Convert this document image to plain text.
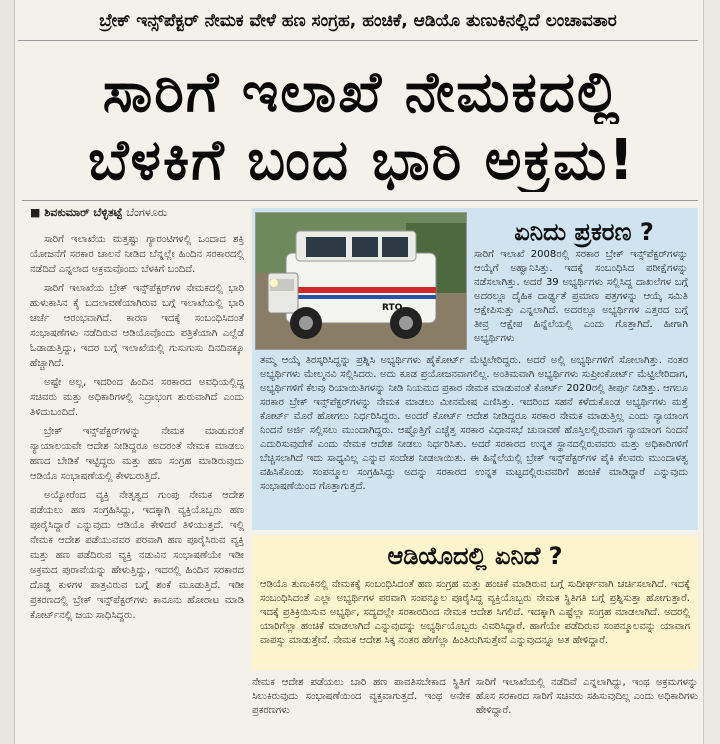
ಬ್ರೇಕ್ ಇನ್ಸ್‌ಪೆಕ್ಟರ್ ನೇಮಕ ವೇಳೆ ಹಣ ಸಂಗ್ರಹ, ಹಂಚಿಕೆ, ಆಡಿಯೊ ತುಣುಕಿನಲ್ಲಿದೆ ಲಂಚಾವತಾರ
ಸಾರಿಗೆ ಇಲಾಖೆ ನೇಮಕದಲ್ಲಿ
ಬೆಳಕಿಗೆ ಬಂದ ಭಾರಿ ಅಕ್ರಮ!
■ ಶಿವಕುಮಾರ್ ಬೆಳ್ಳಿತಟ್ಟೆ ಬೆಂಗಳೂರು

ಸಾರಿಗೆ ಇಲಾಖೆಯ ಮತ್ತಷ್ಟು ಗ್ಯಾರಂಟಿಗಳಲ್ಲಿ ಒಂದಾದ ಶಕ್ತಿ ಯೋಜನೆಗೆ ಸರಕಾರ ಚಾಲನೆ ನೀಡಿದ ಬೆನ್ನಲ್ಲೇ ಹಿಂದಿನ ಸರಕಾರದಲ್ಲಿ ನಡೆದಿದೆ ಎನ್ನಲಾದ ಅಕ್ರಮವೊಂದು ಬೆಳಕಿಗೆ ಬಂದಿದೆ.

ಸಾರಿಗೆ ಇಲಾಖೆಯ ಬ್ರೇಕ್ ಇನ್ಸ್‌ಪೆಕ್ಟರ್‌ಗಳ ನೇಮಕದಲ್ಲಿ ಭಾರಿ ಹುಳುಕಾಸಿನ ಕೈ ಬದಲಾವಣೆಯಾಗಿರುವ ಬಗ್ಗೆ ಇಲಾಖೆಯಲ್ಲಿ ಭಾರಿ ಚರ್ಚೆ ಆರಂಭವಾಗಿದೆ. ಕಾರಣ ಇದಕ್ಕೆ ಸಂಬಂಧಿಸಿದಂತೆ ಸಂಭಾಷಣೆಗಳು ನಡೆದಿರುವ ಆಡಿಯೊವೊಂದು ಪತ್ರಿಕೆಯಾಗಿ ಎಲ್ಲೆಡೆ ಓಡಾಡುತ್ತಿದ್ದು, ಇದರ ಬಗ್ಗೆ ಇಲಾಖೆಯಲ್ಲಿ ಗುಸುಗುಸು ದಿನದಿನಕ್ಕೂ ಹೆಚ್ಚಾಗಿದೆ.

ಅಷ್ಟೇ ಅಲ್ಲ, ಇದರಿಂದ ಹಿಂದಿನ ಸರಕಾರದ ಅವಧಿಯಲ್ಲಿದ್ದ ಸಚಿವರು ಮತ್ತು ಅಧಿಕಾರಿಗಳಲ್ಲಿ ನಿದ್ರಾಭಂಗ ಶುರುವಾಗಿದೆ ಎಂದು ತಿಳಿದುಬಂದಿದೆ.

ಬ್ರೇಕ್ ಇನ್ಸ್‌ಪೆಕ್ಟರ್‌ಗಳನ್ನು ನೇಮಕ ಮಾಡುವಂತೆ ನ್ಯಾಯಾಲಯವೇ ಆದೇಶ ನೀಡಿದ್ದರೂ ಅದರಂತೆ ನೇಮಕ ಮಾಡಲು ಹಣದ ಬೇಡಿಕೆ ಇಟ್ಟಿದ್ದರು ಮತ್ತು ಹಣ ಸಂಗ್ರಹ ಮಾಡಿರುವುದು ಆಡಿಯೊ ಸಂಭಾಷಣೆಯಲ್ಲಿ ಕೇಳಬರುತ್ತಿದೆ.

ಅಯ್ಯೋರೆಂದ ವ್ಯಕ್ತಿ ನೇತೃತ್ವದ ಗುಂಪು ನೇಮಕ ಆದೇಶ ಪಡೆಯಲು ಹಣ ಸಂಗ್ರಹಿಸಿದ್ದು, ಇದಕ್ಕಾಗಿ ವ್ಯಕ್ತಿಯೊಬ್ಬರು ಹಣ ಪೂರೈಸಿದ್ದಾರೆ ಎನ್ನುವುದು ಆಡಿಯೊ ಕೇಳಿದರೆ ತಿಳಿಯುತ್ತದೆ. ಇಲ್ಲಿ ನೇಮಕ ಆದೇಶ ಪಡೆಯುವವರ ಪರವಾಗಿ ಹಣ ಪೂರೈಸಿರುವ ವ್ಯಕ್ತಿ ಮತ್ತು ಹಣ ಪಡೆದಿರುವ ವ್ಯಕ್ತಿ ನಡುವಿನ ಸಂಭಾಷಣೆಯೇ ಇಡೀ ಅಕ್ರಮದ ಪುರಾವೆಯನ್ನು ಹೇಳುತ್ತಿದ್ದು, ಇದರಲ್ಲಿ ಹಿಂದಿನ ಸರಕಾರದ ದೊಡ್ಡ ಕುಳಗಳ ಪಾತ್ರವಿರುವ ಬಗ್ಗೆ ಶಂಕೆ ಮೂಡುತ್ತಿದೆ. ಇಡೀ ಪ್ರಕರಣದಲ್ಲಿ ಬ್ರೇಕ್ ಇನ್ಸ್‌ಪೆಕ್ಟರ್‌ಗಳು ಕಾನೂನು ಹೋರಾಟ ಮಾಡಿ ಕೋರ್ಟ್‌ನಲ್ಲಿ ಜಯ ಸಾಧಿಸಿದ್ದರು.

ಏನಿದು ಪ್ರಕರಣ ?
ಸಾರಿಗೆ ಇಲಾಖೆ 2008ರಲ್ಲಿ ಸರಕಾರ ಬ್ರೇಕ್ ಇನ್ಸ್‌ಪೆಕ್ಟರ್‌ಗಳನ್ನು ಆಯ್ಕೆಗೆ ಅಹ್ವಾನಿಸಿತ್ತು. ಇದಕ್ಕೆ ಸಂಬಂಧಿಸಿದ ಪರೀಕ್ಷೆಗಳನ್ನು ನಡೆಸಲಾಗಿತ್ತು. ಅದರೆ 39 ಅಭ್ಯರ್ಥಿಗಳು ಸಲ್ಲಿಸಿದ್ದ ದಾಖಲೆಗಳ ಬಗ್ಗೆ ಅದರಲ್ಲೂ ದೈಹಿಕ ದಾರ್ಢ್ಯತೆ ಪ್ರಮಾಣ ಪತ್ರಗಳನ್ನು ಆಯ್ಕೆ ಸಮಿತಿ ಆಕ್ಷೇಪಿಸುತ್ತು ಎನ್ನಲಾಗಿದೆ. ಅದರಲ್ಲೂ ಅಭ್ಯರ್ಥಿಗಳ ಎತ್ತರದ ಬಗ್ಗೆ ತೀವ್ರ ಆಕ್ಷೇಪ ಹಿನ್ನೆಲೆಯಲ್ಲಿ ಎಂದು ಗೊತ್ತಾಗಿದೆ. ಹೀಗಾಗಿ ಅಭ್ಯರ್ಥಿಗಳು
ತಮ್ಮ ಆಯ್ಕೆ ತಿರಸ್ಕರಿಸಿದ್ದನ್ನು ಪ್ರಶ್ನಿಸಿ ಅಭ್ಯರ್ಥಿಗಳು ಹೈಕೋರ್ಟ್ ಮೆಟ್ಟಿಲೇರಿದ್ದರು. ಅದರೆ ಅಲ್ಲಿ ಅಭ್ಯರ್ಥಿಗಳಿಗೆ ಸೋಲಾಗಿತ್ತು. ನಂತರ ಅಭ್ಯರ್ಥಿಗಳು ಮೇಲ್ಮನವಿ ಸಲ್ಲಿಸಿದರು. ಅದು ಕೂಡ ಪ್ರಯೋಜನವಾಗಲಿಲ್ಲ. ಅಂತಿಮವಾಗಿ ಅಭ್ಯರ್ಥಿಗಳು ಸುಪ್ರೀಂಕೋರ್ಟ್ ಮೆಟ್ಟಿಲೇರಿದಾಗ, ಅಭ್ಯರ್ಥಿಗಳಿಗೆ ಕೆಲವು ರಿಯಾಯಿತಿಗಳನ್ನು ನೀಡಿ ನಿಯಮದ ಪ್ರಕಾರ ನೇಮಕ ಮಾಡುವಂತೆ ಕೋರ್ಟ್ 2020ರಲ್ಲಿ ತೀರ್ಪು ನೀಡಿತ್ತು. ಆಗಲೂ ಸರಕಾರ ಬ್ರೇಕ್ ಇನ್ಸ್‌ಪೆಕ್ಟರ್‌ಗಳನ್ನು ನೇಮಕ ಮಾಡಲು ಮೀನಮೇಷ ಎಣಿಸಿತ್ತು. ಇದರಿಂದ ಸಹನೆ ಕಳೆದುಕೊಂಡ ಅಭ್ಯರ್ಥಿಗಳು ಮತ್ತೆ ಕೋರ್ಟ್ ಮೊರೆ ಹೋಗಲು ನಿರ್ಧರಿಸಿದ್ದರು. ಅಂದರೆ ಕೋರ್ಟ್ ಆದೇಶ ನೀಡಿದ್ದರೂ ಸರಕಾರ ನೇಮಕ ಮಾಡುತ್ತಿಲ್ಲ ಎಂದು ನ್ಯಾಯಾಂಗ ನಿಂದನೆ ಅರ್ಜಿ ಸಲ್ಲಿಸಲು ಮುಂದಾಗಿದ್ದರು. ಆಷ್ಟೊತ್ತಿಗೆ ಎಚ್ಚೆತ್ತ ಸರಕಾರ ವಿಧಾನಸಭೆ ಚುನಾವಣೆ ಹೊಸ್ತಿಲಲ್ಲಿರುವಾಗ ನ್ಯಾಯಾಂಗ ನಿಂದನೆ ಎದುರಿಸುವುದೇಕೆ ಎಂದು ನೇಮಕ ಆದೇಶ ನೀಡಲು ನಿರ್ಧರಿಸಿತು. ಅದರೆ ಸರಕಾರದ ಉನ್ನತ ಸ್ಥಾನದಲ್ಲಿರುವವರು ಮತ್ತು ಅಧಿಕಾರಿಗಳಿಗೆ ಬೆಚ್ಚಿಸಲಾಗಿದೆ ಇದು ಸಾಧ್ಯವಿಲ್ಲ ಎನ್ನುವ ಸಂದೇಶ ನೀಡಲಾಯಿತು. ಈ ಹಿನ್ನೆಲೆಯಲ್ಲಿ ಬ್ರೇಕ್ ಇನ್ಸ್‌ಪೆಕ್ಟರ್‌ಗಳ ಪೈಕಿ ಕೆಲವರು ಮುಂದಾಳತ್ವ ವಹಿಸಿಕೊಂಡು ಸಂಪನ್ಮೂಲ ಸಂಗ್ರಹಿಸಿದ್ದು ಅದನ್ನು ಸರಕಾರದ ಉನ್ನತ ಮಟ್ಟದಲ್ಲಿರುವವರಿಗೆ ಹಂಚಿಕೆ ಮಾಡಿದ್ದಾರೆ ಎನ್ನುವುದು ಸಂಭಾಷಣೆಯಿಂದ ಗೊತ್ತಾಗುತ್ತದೆ.
RTO
ಆಡಿಯೊದಲ್ಲಿ ಏನಿದೆ ?
ಆಡಿಯೊ ತುಣುಕಿನಲ್ಲಿ ನೇಮಕಕ್ಕೆ ಸಂಬಂಧಿಸಿದಂತೆ ಹಣ ಸಂಗ್ರಹ ಮತ್ತು ಹಂಚಿಕೆ ಮಾಡಿರುವ ಬಗ್ಗೆ ಸುದೀರ್ಘವಾಗಿ ಚರ್ಚಿಸಲಾಗಿದೆ. ಇದಕ್ಕೆ ಸಂಬಂಧಿಸಿದಂತೆ ಎಲ್ಲಾ ಅಭ್ಯರ್ಥಿಗಳ ಪರವಾಗಿ ಸಂಪನ್ಮೂಲ ಪೂರೈಸಿದ್ದ ವ್ಯಕ್ತಿಯೊಬ್ಬರು ನೇಮಕ ಸ್ಥಿತಿಗತಿ ಬಗ್ಗೆ ಪ್ರಶ್ನಿಸುತ್ತಾ ಹೋಗುತ್ತಾರೆ. ಇದಕ್ಕೆ ಪ್ರತಿಕ್ರಿಯಿಸುವ ಅಭ್ಯರ್ಥಿ, ಸದ್ಯದಲ್ಲೇ ಸರಕಾರದಿಂದ ನೇಮಕ ಆದೇಶ ಸಿಗಲಿದೆ. ಇದಕ್ಕಾಗಿ ಎಷ್ಟೆಲ್ಲಾ ಸಂಗ್ರಹ ಮಾಡಲಾಗಿದೆ. ಅದರಲ್ಲಿ ಯಾರಿಗೆಲ್ಲಾ ಹಂಚಿಕೆ ಮಾಡಲಾಗಿದೆ ಎನ್ನುವುದನ್ನು ಅಭ್ಯರ್ಥಿಯೊಬ್ಬರು ವಿವರಿಸಿದ್ದಾರೆ. ಹಾಗೆಯೇ ಪಡೆದಿರುವ ಸಂಪನ್ಮೂಲವನ್ನು ಯಾವಾಗ ವಾಪಸ್ಸು ಮಾಡುತ್ತೇನೆ. ನೇಮಕ ಆದೇಶ ಸಿಕ್ಕ ನಂತರ ಹೇಗೆಲ್ಲಾ ಹಿಂತಿರುಗಿಸುತ್ತೇನೆ ಎನ್ನುವುದನ್ನೂ ಅತ ಹೇಳಿದ್ದಾರೆ.
ನೇಮಕ ಆದೇಶ ಪಡೆಯಲು ಬಾರಿ ಹಣ ಪಾವತಿಸಬೇಕಾದ ಸ್ಥಿತಿಗೆ ಸಿಲುಕಿರುವುದು ಸಂಭಾಷಣೆಯಿಂದ ವ್ಯಕ್ತವಾಗುತ್ತದೆ. ಇಂಥ ಅನೇಕ ಪ್ರಕರಣಗಳು
ಸಾರಿಗೆ ಇಲಾಖೆಯಲ್ಲಿ ನಡೆದಿವೆ ಎನ್ನಲಾಗಿದ್ದು, ಇಂಥ ಅಕ್ರಮಗಳನ್ನು ಹೊಸ ಸರಕಾರದ ಸಾರಿಗೆ ಸಚಿವರು ಸಹಿಸುವುದಿಲ್ಲ ಎಂದು ಅಧಿಕಾರಿಗಳು ಹೇಳಿದ್ದಾರೆ.
